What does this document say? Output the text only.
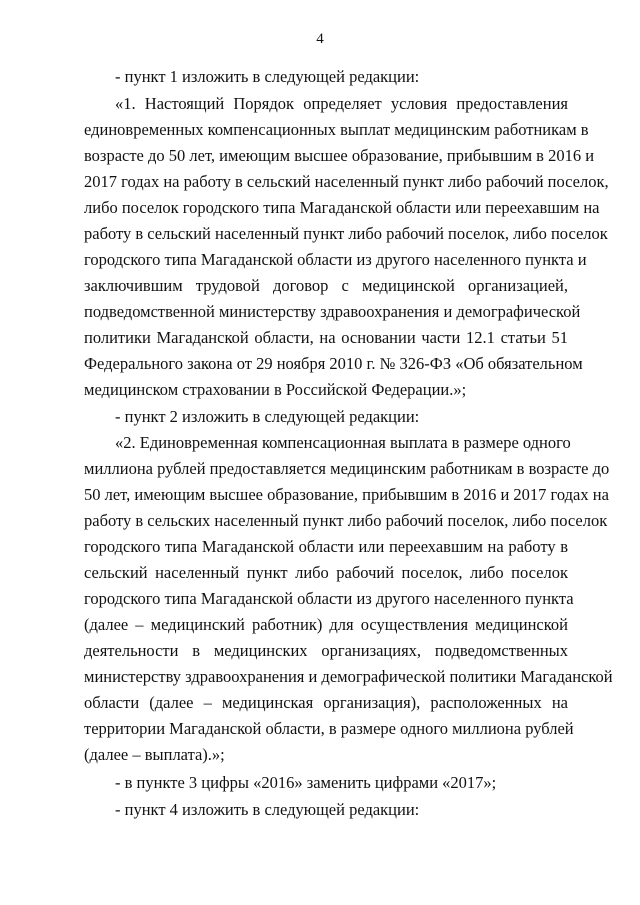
4
- пункт 1 изложить в следующей редакции:
«1. Настоящий Порядок определяет условия предоставления
единовременных компенсационных выплат медицинским работникам в
возрасте до 50 лет, имеющим высшее образование, прибывшим в 2016 и
2017 годах на работу в сельский населенный пункт либо рабочий поселок,
либо поселок городского типа Магаданской области или переехавшим на
работу в сельский населенный пункт либо рабочий поселок, либо поселок
городского типа Магаданской области из другого населенного пункта и
заключившим трудовой договор с медицинской организацией,
подведомственной министерству здравоохранения и демографической
политики Магаданской области, на основании части 12.1 статьи 51
Федерального закона от 29 ноября 2010 г. № 326-ФЗ «Об обязательном
медицинском страховании в Российской Федерации.»;
- пункт 2 изложить в следующей редакции:
«2. Единовременная компенсационная выплата в размере одного
миллиона рублей предоставляется медицинским работникам в возрасте до
50 лет, имеющим высшее образование, прибывшим в 2016 и 2017 годах на
работу в сельских населенный пункт либо рабочий поселок, либо поселок
городского типа Магаданской области или переехавшим на работу в
сельский населенный пункт либо рабочий поселок, либо поселок
городского типа Магаданской области из другого населенного пункта
(далее – медицинский работник) для осуществления медицинской
деятельности в медицинских организациях, подведомственных
министерству здравоохранения и демографической политики Магаданской
области (далее – медицинская организация), расположенных на
территории Магаданской области, в размере одного миллиона рублей
(далее – выплата).»;
- в пункте 3 цифры «2016» заменить цифрами «2017»;
- пункт 4 изложить в следующей редакции:
